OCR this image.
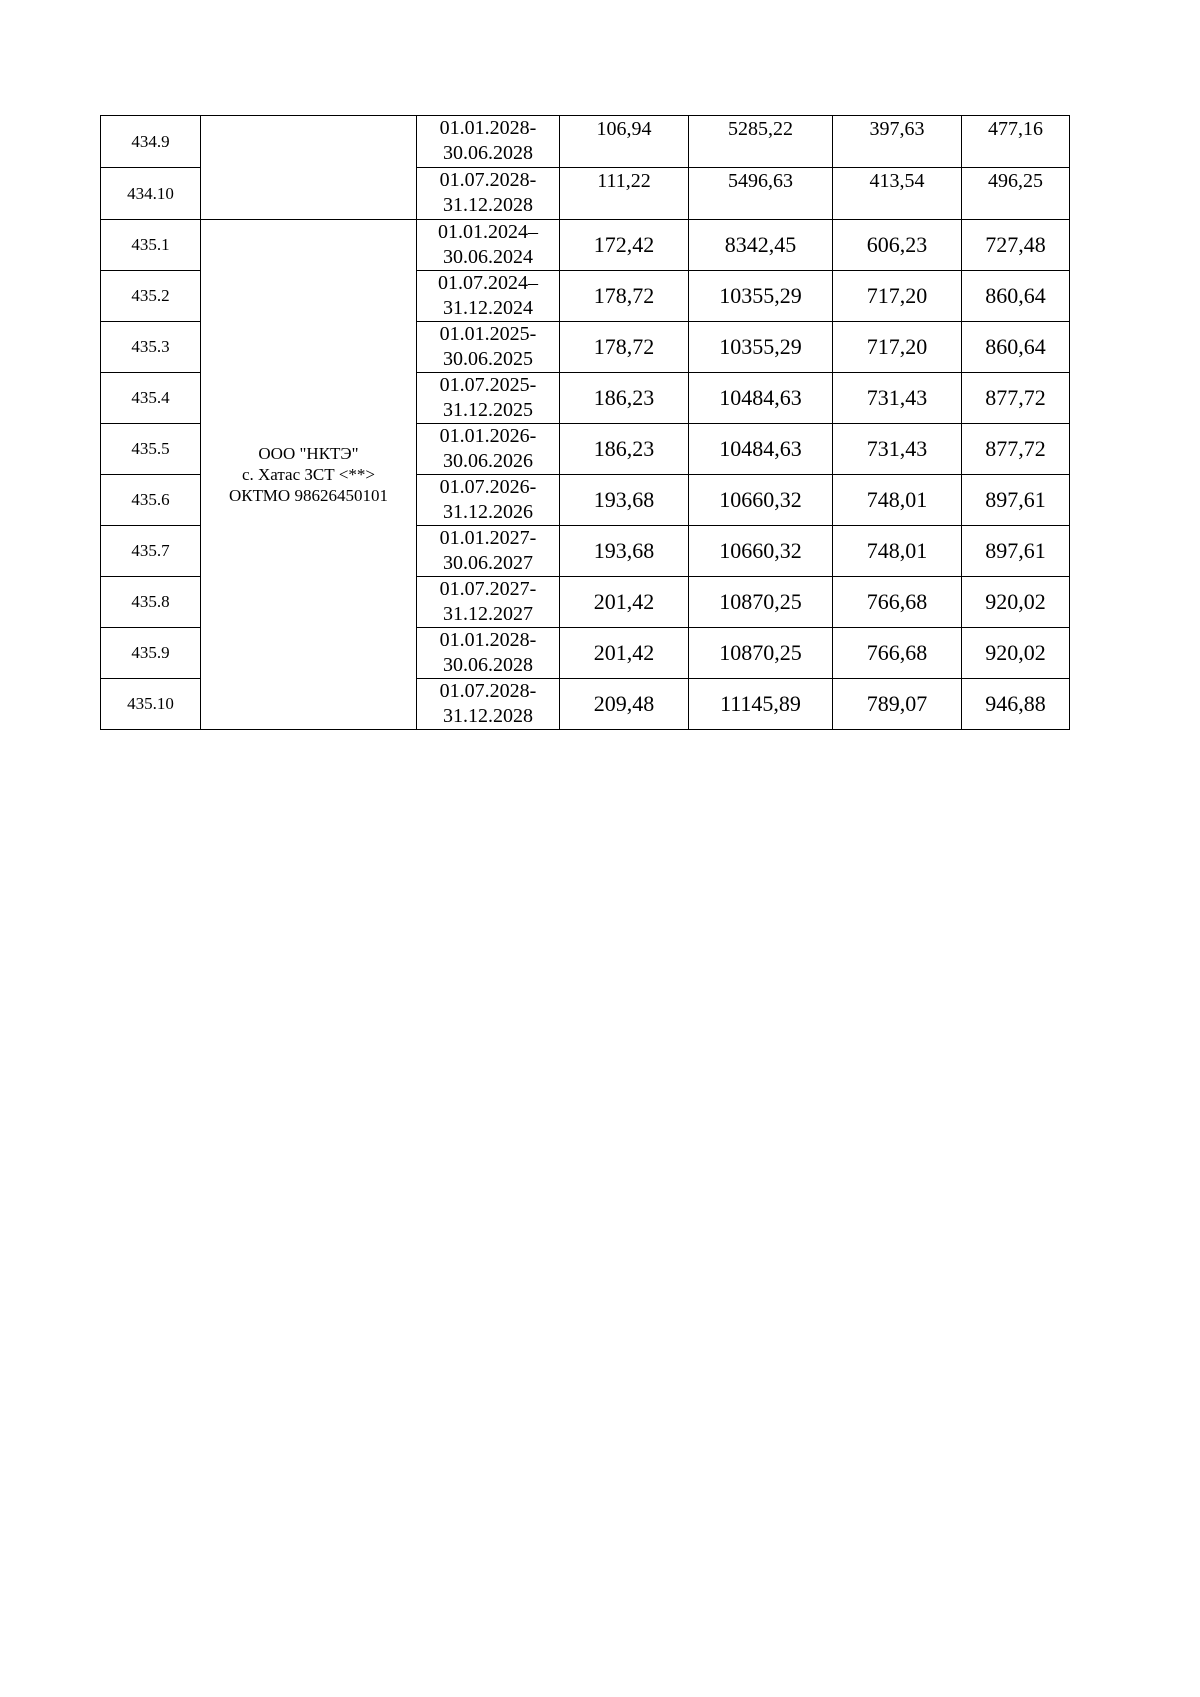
434.9		01.01.2028-
30.06.2028	106,94	5285,22	397,63	477,16
434.10		01.07.2028-
31.12.2028	111,22	5496,63	413,54	496,25
435.1	ООО "НКТЭ"
с. Хатас ЗСТ <**>
ОКТМО 98626450101	01.01.2024–
30.06.2024	172,42	8342,45	606,23	727,48
435.2		01.07.2024–
31.12.2024	178,72	10355,29	717,20	860,64
435.3		01.01.2025-
30.06.2025	178,72	10355,29	717,20	860,64
435.4		01.07.2025-
31.12.2025	186,23	10484,63	731,43	877,72
435.5		01.01.2026-
30.06.2026	186,23	10484,63	731,43	877,72
435.6		01.07.2026-
31.12.2026	193,68	10660,32	748,01	897,61
435.7		01.01.2027-
30.06.2027	193,68	10660,32	748,01	897,61
435.8		01.07.2027-
31.12.2027	201,42	10870,25	766,68	920,02
435.9		01.01.2028-
30.06.2028	201,42	10870,25	766,68	920,02
435.10		01.07.2028-
31.12.2028	209,48	11145,89	789,07	946,88
